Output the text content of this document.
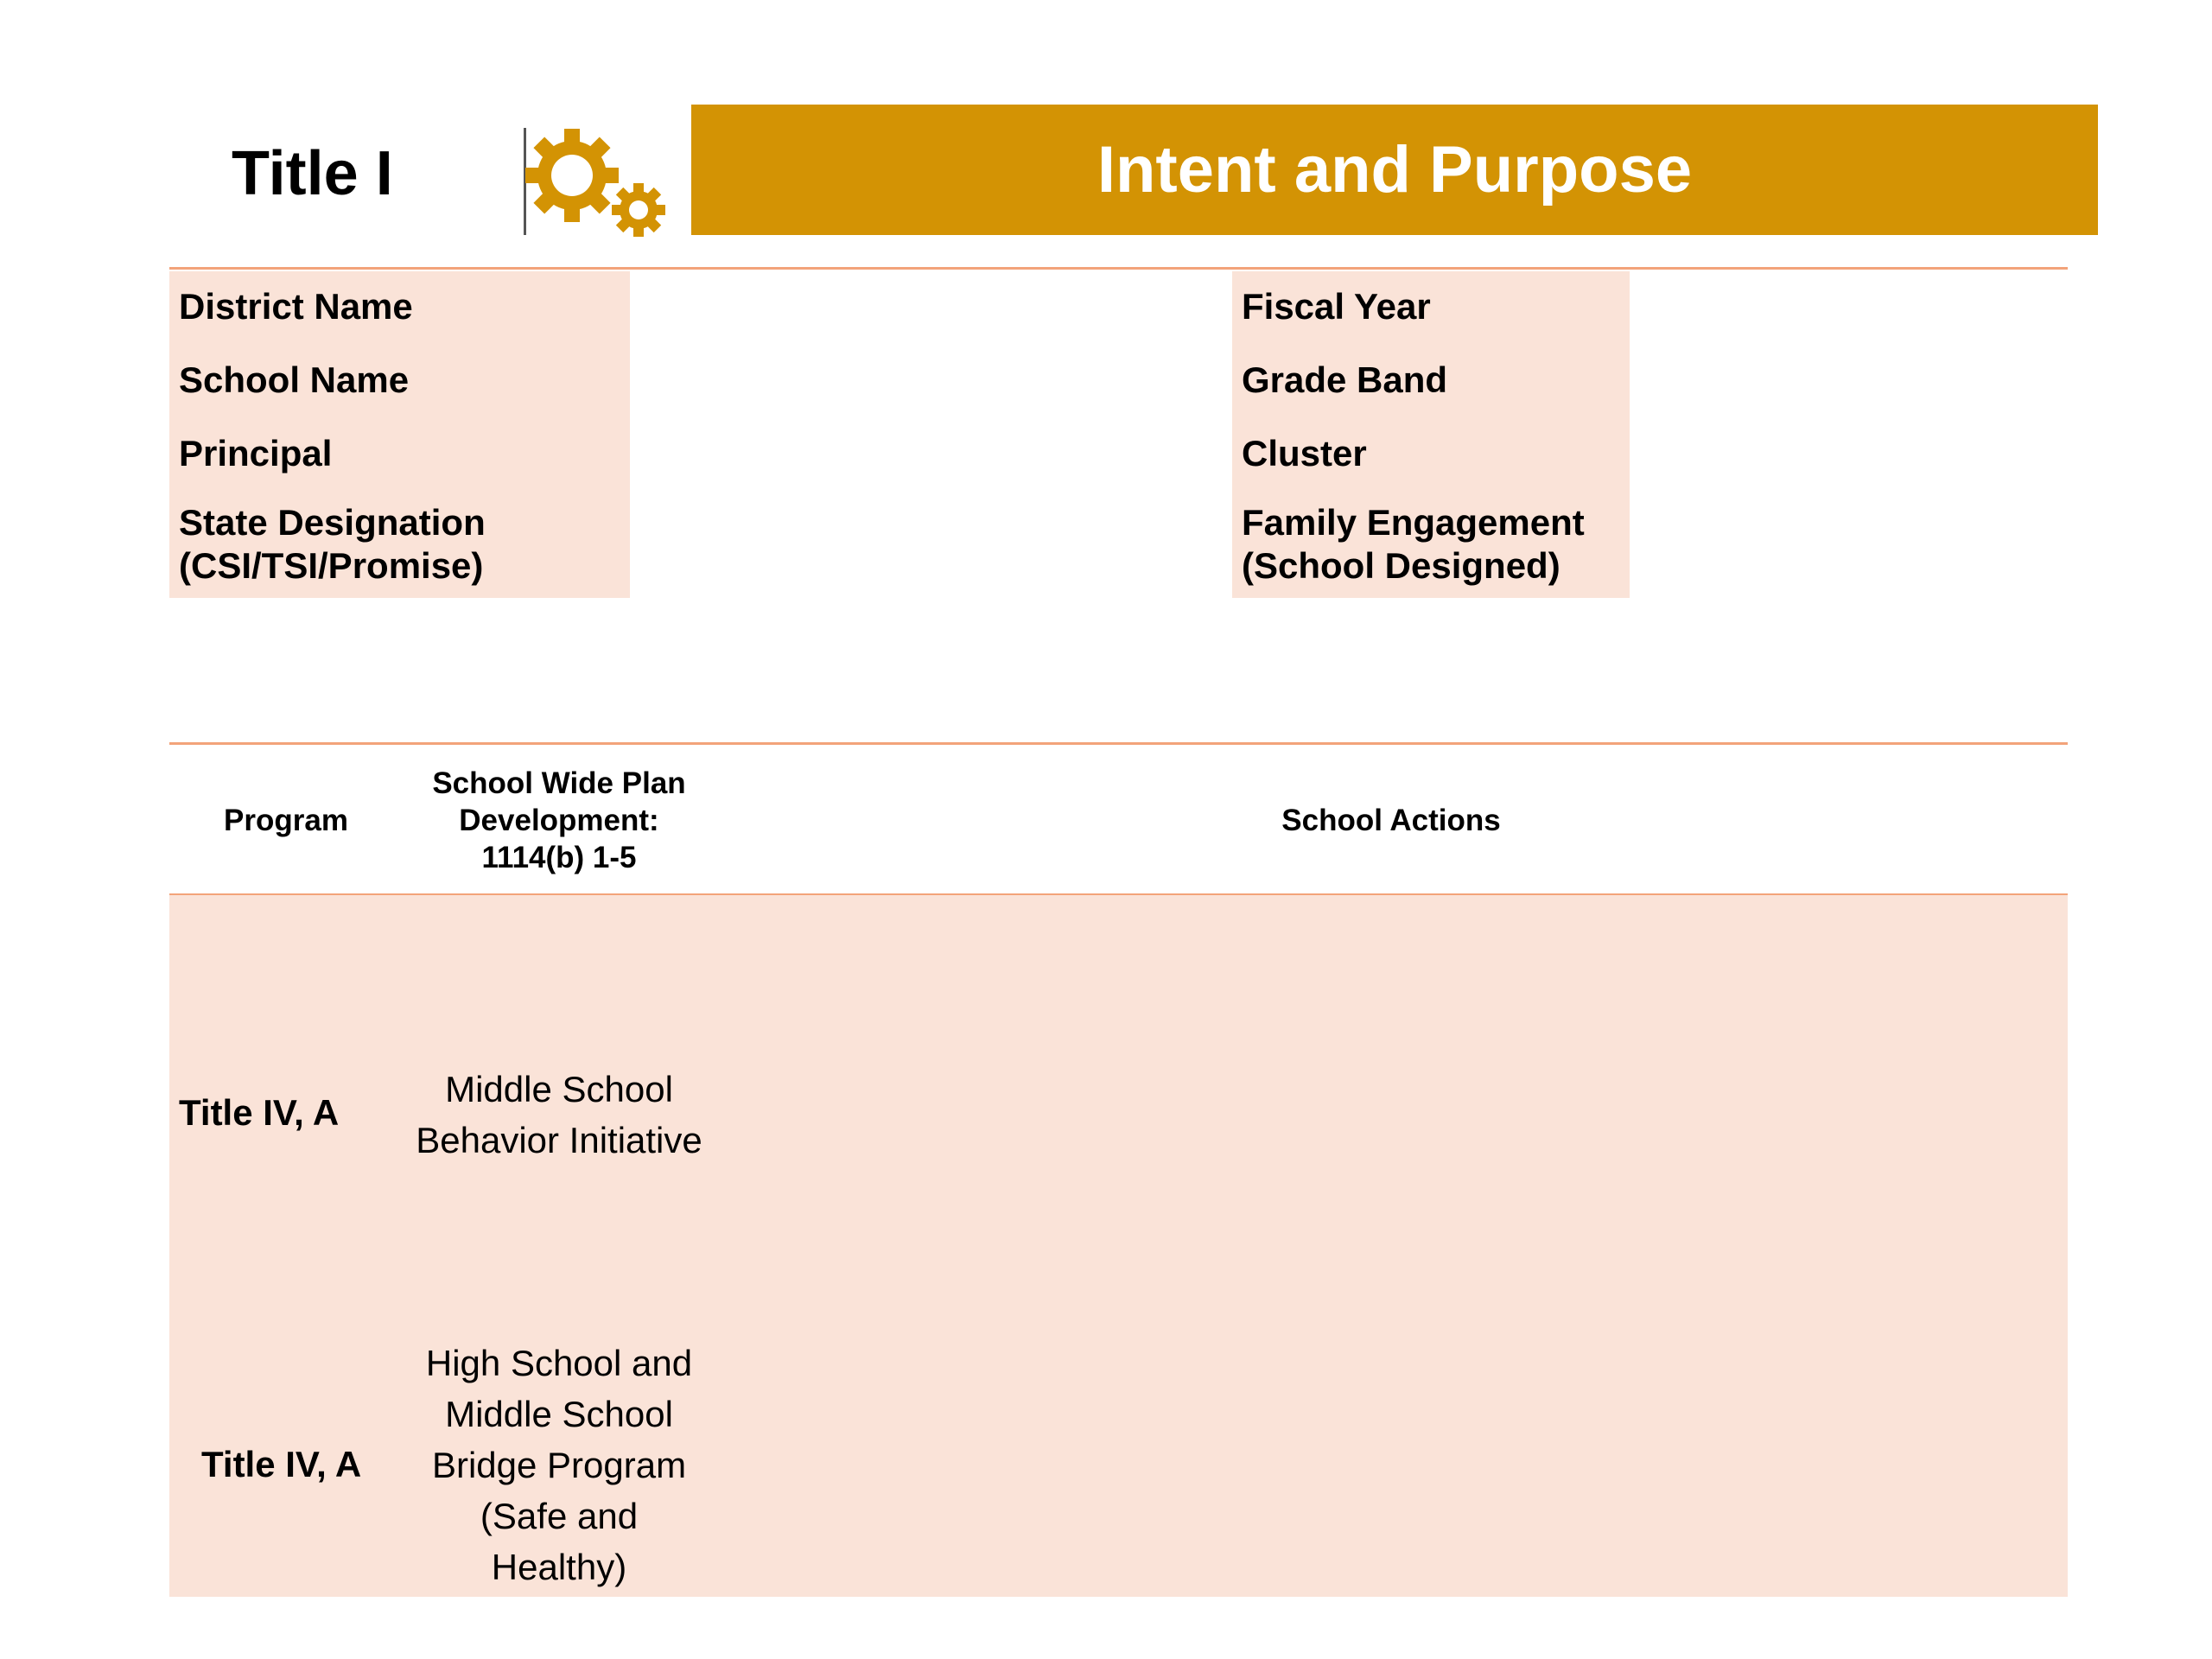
Title I	Intent and Purpose
District Name
School Name
Principal
State Designation
(CSI/TSI/Promise)
Fiscal Year
Grade Band
Cluster
Family Engagement
(School Designed)
Program
School Wide Plan
Development:
1114(b) 1-5
School Actions
Title IV, A
Middle School
Behavior Initiative
Title IV, A
High School and
Middle School
Bridge Program
(Safe and
Healthy)
